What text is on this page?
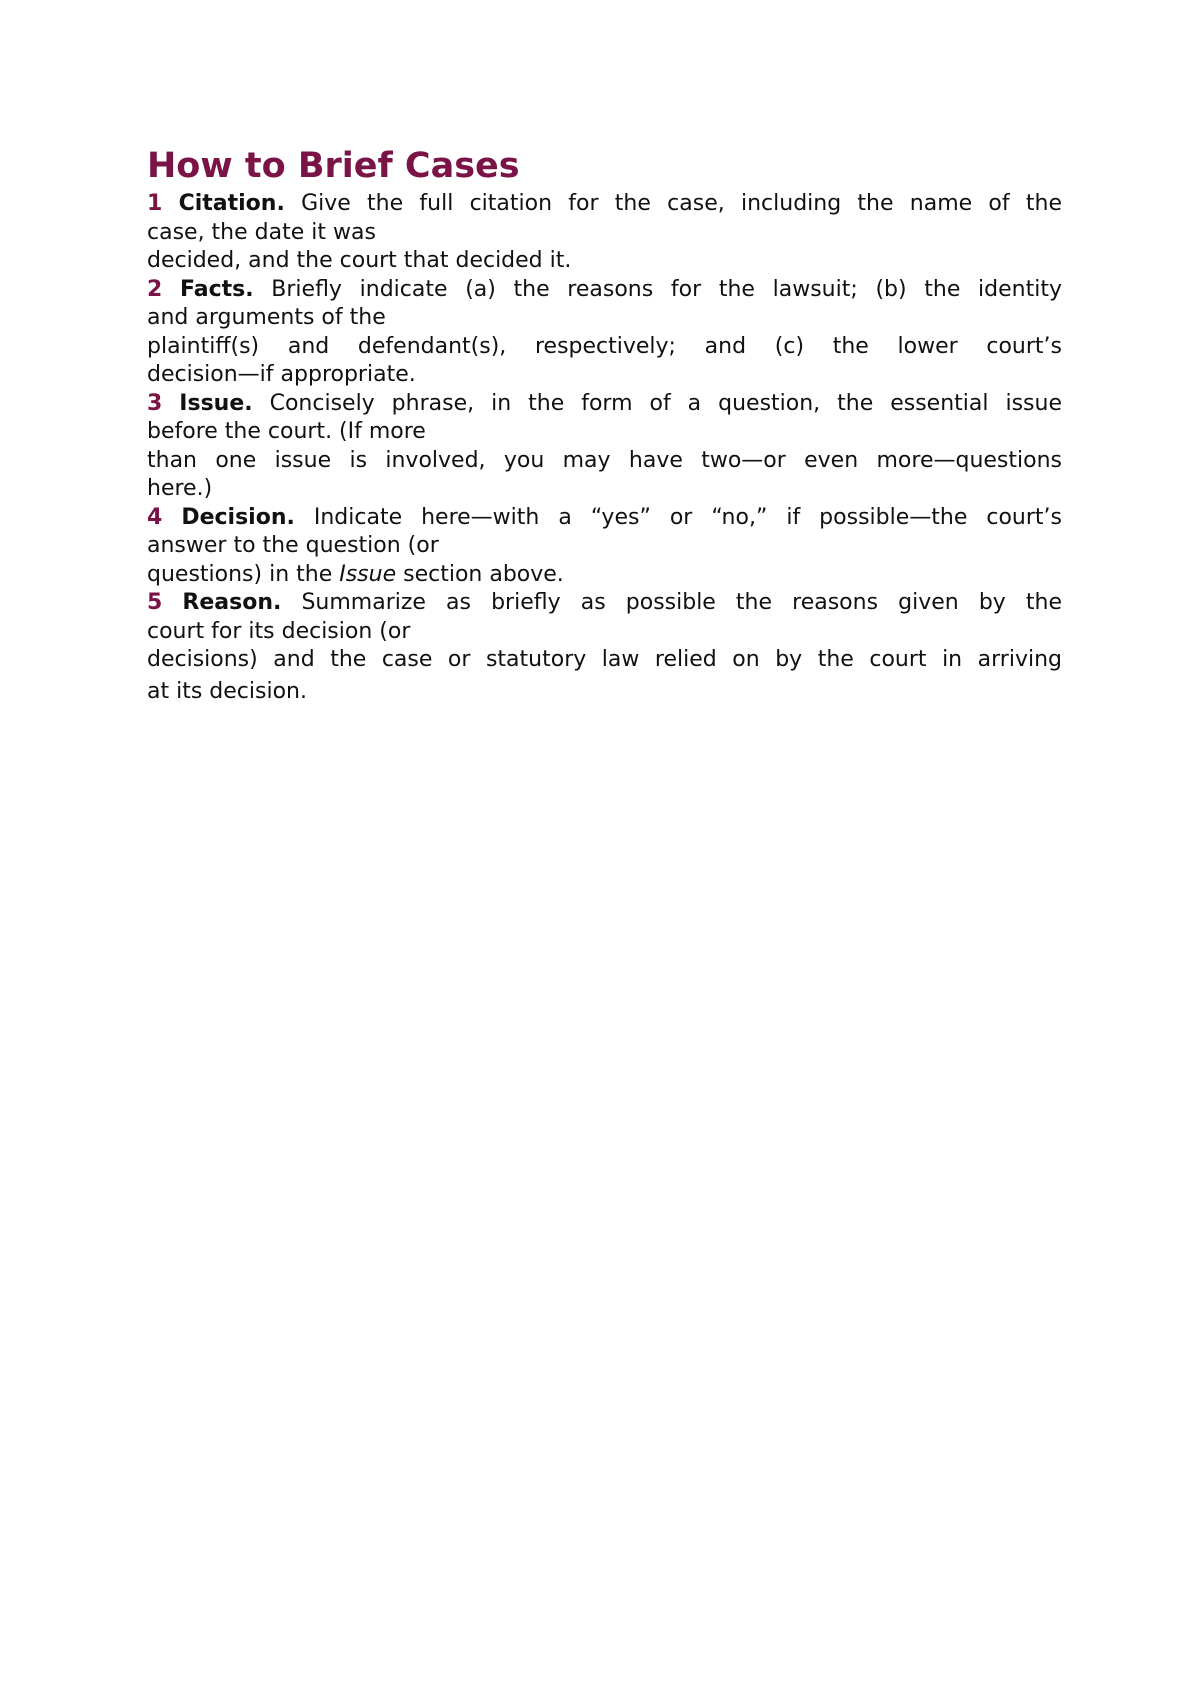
How to Brief Cases
1 Citation. Give the full citation for the case, including the name of the
case, the date it was
decided, and the court that decided it.
2 Facts. Briefly indicate (a) the reasons for the lawsuit; (b) the identity
and arguments of the
plaintiff(s) and defendant(s), respectively; and (c) the lower court’s
decision—if appropriate.
3 Issue. Concisely phrase, in the form of a question, the essential issue
before the court. (If more
than one issue is involved, you may have two—or even more—questions
here.)
4 Decision. Indicate here—with a “yes” or “no,” if possible—the court’s
answer to the question (or
questions) in the Issue section above.
5 Reason. Summarize as briefly as possible the reasons given by the
court for its decision (or
decisions) and the case or statutory law relied on by the court in arriving
at its decision.
